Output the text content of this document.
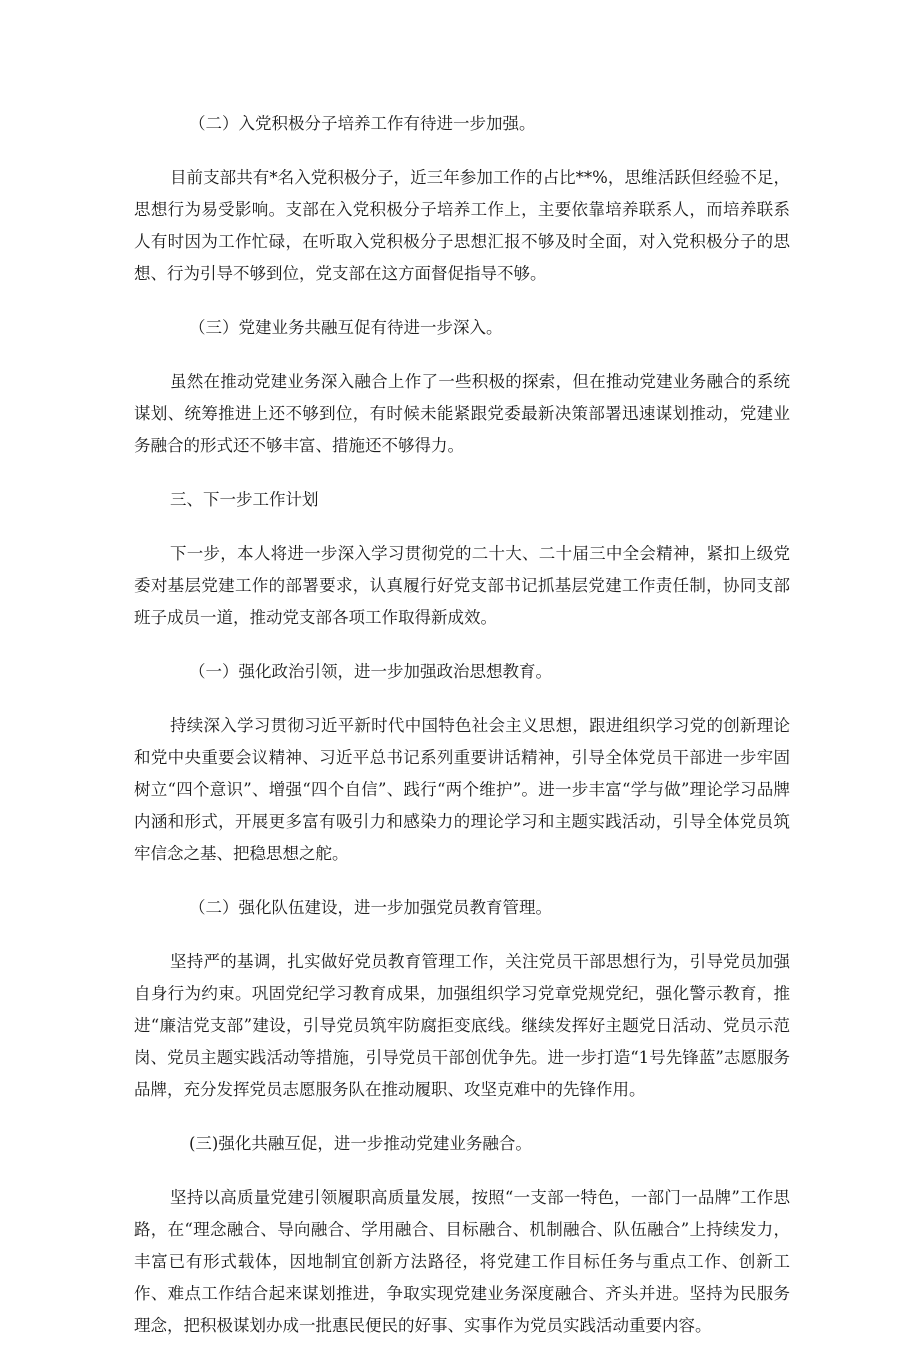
（二）入党积极分子培养工作有待进一步加强。

目前支部共有*名入党积极分子，近三年参加工作的占比**%，思维活跃但经验不足，思想行为易受影响。支部在入党积极分子培养工作上，主要依靠培养联系人，而培养联系人有时因为工作忙碌，在听取入党积极分子思想汇报不够及时全面，对入党积极分子的思想、行为引导不够到位，党支部在这方面督促指导不够。

（三）党建业务共融互促有待进一步深入。

虽然在推动党建业务深入融合上作了一些积极的探索，但在推动党建业务融合的系统谋划、统筹推进上还不够到位，有时候未能紧跟党委最新决策部署迅速谋划推动，党建业务融合的形式还不够丰富、措施还不够得力。

三、下一步工作计划

下一步，本人将进一步深入学习贯彻党的二十大、二十届三中全会精神，紧扣上级党委对基层党建工作的部署要求，认真履行好党支部书记抓基层党建工作责任制，协同支部班子成员一道，推动党支部各项工作取得新成效。

（一）强化政治引领，进一步加强政治思想教育。

持续深入学习贯彻习近平新时代中国特色社会主义思想，跟进组织学习党的创新理论和党中央重要会议精神、习近平总书记系列重要讲话精神，引导全体党员干部进一步牢固树立“四个意识”、增强“四个自信”、践行“两个维护”。进一步丰富“学与做”理论学习品牌内涵和形式，开展更多富有吸引力和感染力的理论学习和主题实践活动，引导全体党员筑牢信念之基、把稳思想之舵。

（二）强化队伍建设，进一步加强党员教育管理。

坚持严的基调，扎实做好党员教育管理工作，关注党员干部思想行为，引导党员加强自身行为约束。巩固党纪学习教育成果，加强组织学习党章党规党纪，强化警示教育，推进“廉洁党支部”建设，引导党员筑牢防腐拒变底线。继续发挥好主题党日活动、党员示范岗、党员主题实践活动等措施，引导党员干部创优争先。进一步打造“1号先锋蓝”志愿服务品牌，充分发挥党员志愿服务队在推动履职、攻坚克难中的先锋作用。

(三)强化共融互促，进一步推动党建业务融合。

坚持以高质量党建引领履职高质量发展，按照“一支部一特色，一部门一品牌”工作思路，在“理念融合、导向融合、学用融合、目标融合、机制融合、队伍融合”上持续发力，丰富已有形式载体，因地制宜创新方法路径，将党建工作目标任务与重点工作、创新工作、难点工作结合起来谋划推进，争取实现党建业务深度融合、齐头并进。坚持为民服务理念，把积极谋划办成一批惠民便民的好事、实事作为党员实践活动重要内容。
